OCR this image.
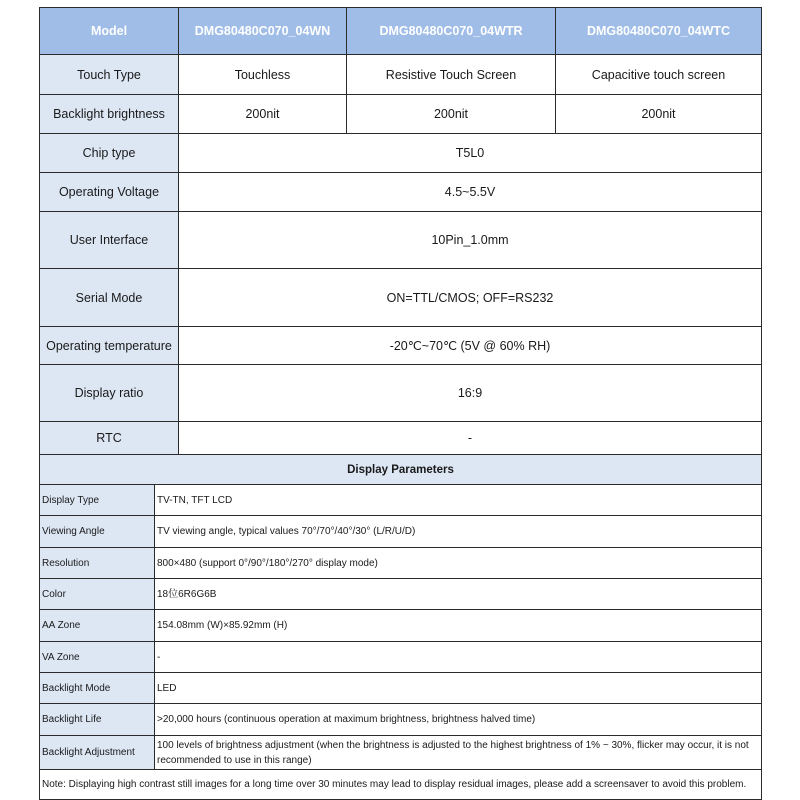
Model	DMG80480C070_04WN	DMG80480C070_04WTR	DMG80480C070_04WTC
Touch Type	Touchless	Resistive Touch Screen	Capacitive touch screen
Backlight brightness	200nit	200nit	200nit
Chip type	T5L0		
Operating Voltage	4.5~5.5V		
User Interface	10Pin_1.0mm		
Serial Mode	ON=TTL/CMOS; OFF=RS232		
Operating temperature	-20℃~70℃ (5V @ 60% RH)		
Display ratio	16:9		
RTC	-		
Display Parameters	
Display Type	TV-TN, TFT LCD
Viewing Angle	TV viewing angle, typical values 70°/70°/40°/30° (L/R/U/D)
Resolution	800×480 (support 0°/90°/180°/270° display mode)
Color	18位6R6G6B
AA Zone	154.08mm (W)×85.92mm (H)
VA Zone	-
Backlight Mode	LED
Backlight Life	>20,000 hours (continuous operation at maximum brightness, brightness halved time)
Backlight Adjustment	100 levels of brightness adjustment (when the brightness is adjusted to the highest brightness of 1% ~ 30%, flicker may occur, it is not recommended to use in this range)
Note: Displaying high contrast still images for a long time over 30 minutes may lead to display residual images, please add a screensaver to avoid this problem.	
